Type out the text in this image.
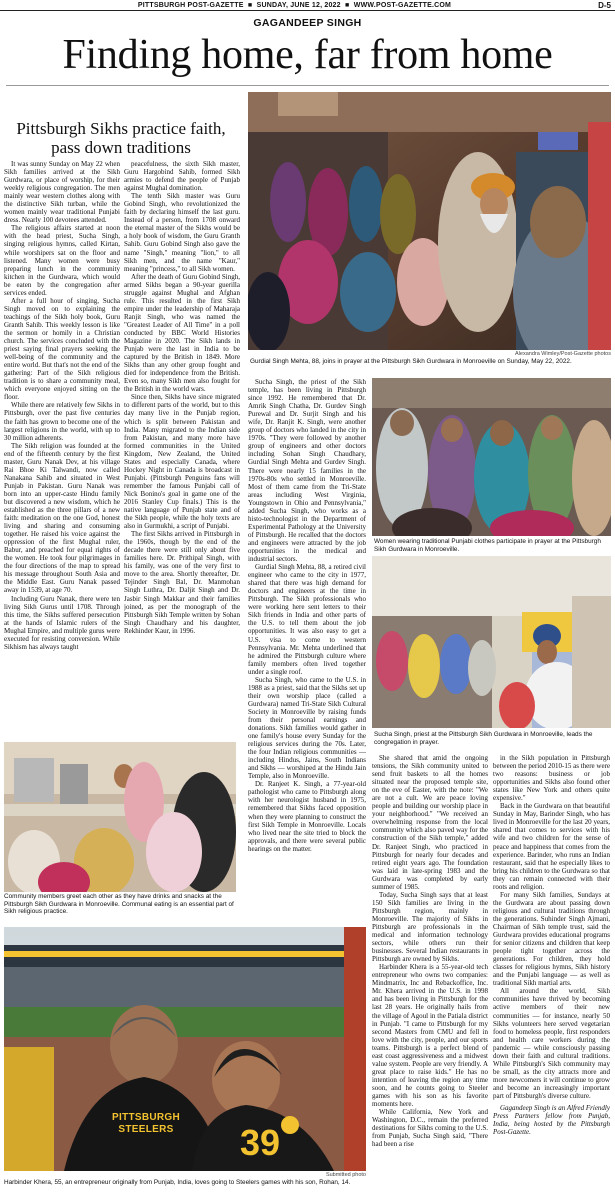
PITTSBURGH POST-GAZETTE  ■  SUNDAY, JUNE 12, 2022  ■  WWW.POST-GAZETTE.COM	D-5
GAGANDEEP SINGH
Finding home, far from home
Pittsburgh Sikhs practice faith, pass down traditions
Alexandra Wimley/Post-Gazette photos
Gurdial Singh Mehta, 88, joins in prayer at the Pittsburgh Sikh Gurdwara in Monroeville on Sunday, May 22, 2022.
Women wearing traditional Punjabi clothes participate in prayer at the Pittsburgh Sikh Gurdwara in Monroeville.
Sucha Singh, priest at the Pittsburgh Sikh Gurdwara in Monroeville, leads the congregation in prayer.
Community members greet each other as they have drinks and snacks at the Pittsburgh Sikh Gurdwara in Monroeville. Communal eating is an essential part of Sikh religious practice.
PITTSBURGH
STEELERS	39
Submitted photo
Harbinder Khera, 55, an entrepreneur originally from Punjab, India, loves going to Steelers games with his son, Rohan, 14.

It was sunny Sunday on May 22 when Sikh families arrived at the Sikh Gurdwara, or place of worship, for their weekly religious congregation. The men mainly wear western clothes along with the distinctive Sikh turban, while the women mainly wear traditional Punjabi dress. Nearly 100 devotees attended.

The religious affairs started at noon with the head priest, Sucha Singh, singing religious hymns, called Kirtan, while worshipers sat on the floor and listened. Many women were busy preparing lunch in the community kitchen in the Gurdwara, which would be eaten by the congregation after services ended.

After a full hour of singing, Sucha Singh moved on to explaining the teachings of the Sikh holy book, Guru Granth Sahib. This weekly lesson is like the sermon or homily in a Christian church. The services concluded with the priest saying final prayers seeking the well-being of the community and the entire world. But that's not the end of the gathering: Part of the Sikh religious tradition is to share a community meal, which everyone enjoyed sitting on the floor.

While there are relatively few Sikhs in Pittsburgh, over the past five centuries the faith has grown to become one of the largest religions in the world, with up to 30 million adherents.

The Sikh religion was founded at the end of the fifteenth century by the first master, Guru Nanak Dev, at his village Rai Bhoe Ki Talwandi, now called Nanakana Sahib and situated in West Punjab in Pakistan. Guru Nanak was born into an upper-caste Hindu family but discovered a new wisdom, which he established as the three pillars of a new faith: meditation on the one God, honest living and sharing and consuming together. He raised his voice against the oppression of the first Mughal ruler, Babur, and preached for equal rights of the women. He took four pilgrimages in the four directions of the map to spread his message throughout South Asia and the Middle East. Guru Nanak passed away in 1539, at age 70.

Including Guru Nanak, there were ten living Sikh Gurus until 1708. Through this time, the Sikhs suffered persecution at the hands of Islamic rulers of the Mughal Empire, and multiple gurus were executed for resisting conversion. While Sikhism has always taught

peacefulness, the sixth Sikh master, Guru Hargobind Sahib, formed Sikh armies to defend the people of Punjab against Mughal domination.

The tenth Sikh master was Guru Gobind Singh, who revolutionized the faith by declaring himself the last guru. Instead of a person, from 1708 onward the eternal master of the Sikhs would be a holy book of wisdom, the Guru Granth Sahib. Guru Gobind Singh also gave the name "Singh," meaning "lion," to all Sikh men, and the name "Kaur," meaning "princess," to all Sikh women.

After the death of Guru Gobind Singh, armed Sikhs began a 90-year guerilla struggle against Mughal and Afghan rule. This resulted in the first Sikh empire under the leadership of Maharaja Ranjit Singh, who was named the "Greatest Leader of All Time" in a poll conducted by BBC World Histories Magazine in 2020. The Sikh lands in Punjab were the last in India to be captured by the British in 1849. More Sikhs than any other group fought and died for independence from the British. Even so, many Sikh men also fought for the British in the world wars.

Since then, Sikhs have since migrated to different parts of the world, but to this day many live in the Punjab region, which is split between Pakistan and India. Many migrated to the Indian side from Pakistan, and many more have formed communities in the United Kingdom, New Zealand, the United States and especially Canada, where Hockey Night in Canada is broadcast in Punjabi. (Pittsburgh Penguins fans will remember the famous Punjabi call of Nick Bonino's goal in game one of the 2016 Stanley Cup finals.) This is the native language of Punjab state and of the Sikh people, while the holy texts are also in Gurmukhi, a script of Punjabi.

The first Sikhs arrived in Pittsburgh in the 1960s, though by the end of the decade there were still only about five families here. Dr. Prithipal Singh, with his family, was one of the very first to move to the area. Shortly thereafter, Dr. Tejinder Singh Bal, Dr. Manmohan Singh Luthra, Dr. Daljit Singh and Dr. Jasbir Singh Makkar and their families joined, as per the monograph of the Pittsburgh Sikh Temple written by Sohan Singh Chaudhary and his daughter, Rekhinder Kaur, in 1996.

Sucha Singh, the priest of the Sikh temple, has been living in Pittsburgh since 1992. He remembered that Dr. Amrik Singh Chatha, Dr. Gurdev Singh Purewal and Dr. Surjit Singh and his wife, Dr. Ranjit K. Singh, were another group of doctors who landed in the city in 1970s. "They were followed by another group of engineers and other doctors including Sohan Singh Chaudhary, Gurdial Singh Mehta and Gurdev Singh. There were nearly 15 families in the 1970s-80s who settled in Monroeville. Most of them came from the Tri-State areas including West Virginia, Youngstown in Ohio and Pennsylvania," added Sucha Singh, who works as a histo-technologist in the Department of Experimental Pathology at the University of Pittsburgh. He recalled that the doctors and engineers were attracted by the job opportunities in the medical and industrial sectors.

Gurdial Singh Mehta, 88, a retired civil engineer who came to the city in 1977, shared that there was high demand for doctors and engineers at the time in Pittsburgh. The Sikh professionals who were working here sent letters to their Sikh friends in India and other parts of the U.S. to tell them about the job opportunities. It was also easy to get a U.S. visa to come to western Pennsylvania. Mr. Mehta underlined that he admired the Pittsburgh culture where family members often lived together under a single roof.

Sucha Singh, who came to the U.S. in 1988 as a priest, said that the Sikhs set up their own worship place (called a Gurdwara) named Tri-State Sikh Cultural Society in Monroeville by raising funds from their personal earnings and donations. Sikh families would gather in one family's house every Sunday for the religious services during the 70s. Later, the four Indian religious communities — including Hindus, Jains, South Indians and Sikhs — worshiped at the Hindu Jain Temple, also in Monroeville.

Dr. Ranjeet K. Singh, a 77-year-old pathologist who came to Pittsburgh along with her neurologist husband in 1975, remembered that Sikhs faced opposition when they were planning to construct the first Sikh Temple in Monroeville. Locals who lived near the site tried to block the approvals, and there were several public hearings on the matter.

She shared that amid the ongoing tensions, the Sikh community united to send fruit baskets to all the homes situated near the proposed temple site, on the eve of Easter, with the note: "We are not a cult. We are peace loving people and building our worship place in your neighborhood." "We received an overwhelming response from the local community which also paved way for the construction of the Sikh temple," added Dr. Ranjeet Singh, who practiced in Pittsburgh for nearly four decades and retired eight years ago. The foundation was laid in late-spring 1983 and the Gurdwara was completed by early summer of 1985.

Today, Sucha Singh says that at least 150 Sikh families are living in the Pittsburgh region, mainly in Monroeville. The majority of Sikhs in Pittsburgh are professionals in the medical and information technology sectors, while others run their businesses. Several Indian restaurants in Pittsburgh are owned by Sikhs.

Harbinder Khera is a 55-year-old tech entrepreneur who owns two companies: Mindmatrix, Inc and Rebackoffice, Inc. Mr. Khera arrived in the U.S. in 1998 and has been living in Pittsburgh for the last 28 years. He originally hails from the village of Agoul in the Patiala district in Punjab. "I came to Pittsburgh for my second Masters from CMU and fell in love with the city, people, and our sports teams. Pittsburgh is a perfect blend of east coast aggressiveness and a midwest value system. People are very friendly. A great place to raise kids." He has no intention of leaving the region any time soon, and he counts going to Steeler games with his son as his favorite moments here.

While California, New York and Washington, D.C., remain the preferred destinations for Sikhs coming to the U.S. from Punjab, Sucha Singh said, "There had been a rise

in the Sikh population in Pittsburgh between the period 2010-15 as there were two reasons: business or job opportunities and Sikhs also found other states like New York and others quite expensive."

Back in the Gurdwara on that beautiful Sunday in May, Barinder Singh, who has lived in Monroeville for the last 20 years, shared that comes to services with his wife and two children for the sense of peace and happiness that comes from the experience. Barinder, who runs an Indian restaurant, said that he especially likes to bring his children to the Gurdwara so that they can remain connected with their roots and religion.

For many Sikh families, Sundays at the Gurdwara are about passing down religious and cultural traditions through the generations. Suhinder Singh Ajmani, Chairman of Sikh temple trust, said the Gurdwara provides educational programs for senior citizens and children that keep people tight together across the generations. For children, they hold classes for religious hymns, Sikh history and the Punjabi language — as well as traditional Sikh martial arts.

All around the world, Sikh communities have thrived by becoming active members of their new communities — for instance, nearly 50 Sikhs volunteers here served vegetarian food to homeless people, first responders and health care workers during the pandemic — while consciously passing down their faith and cultural traditions. While Pittsburgh's Sikh community may be small, as the city attracts more and more newcomers it will continue to grow and become an increasingly important part of Pittsburgh's diverse culture.

Gagandeep Singh is an Alfred Friendly Press Partners fellow from Punjab, India, being hosted by the Pittsburgh Post-Gazette.
